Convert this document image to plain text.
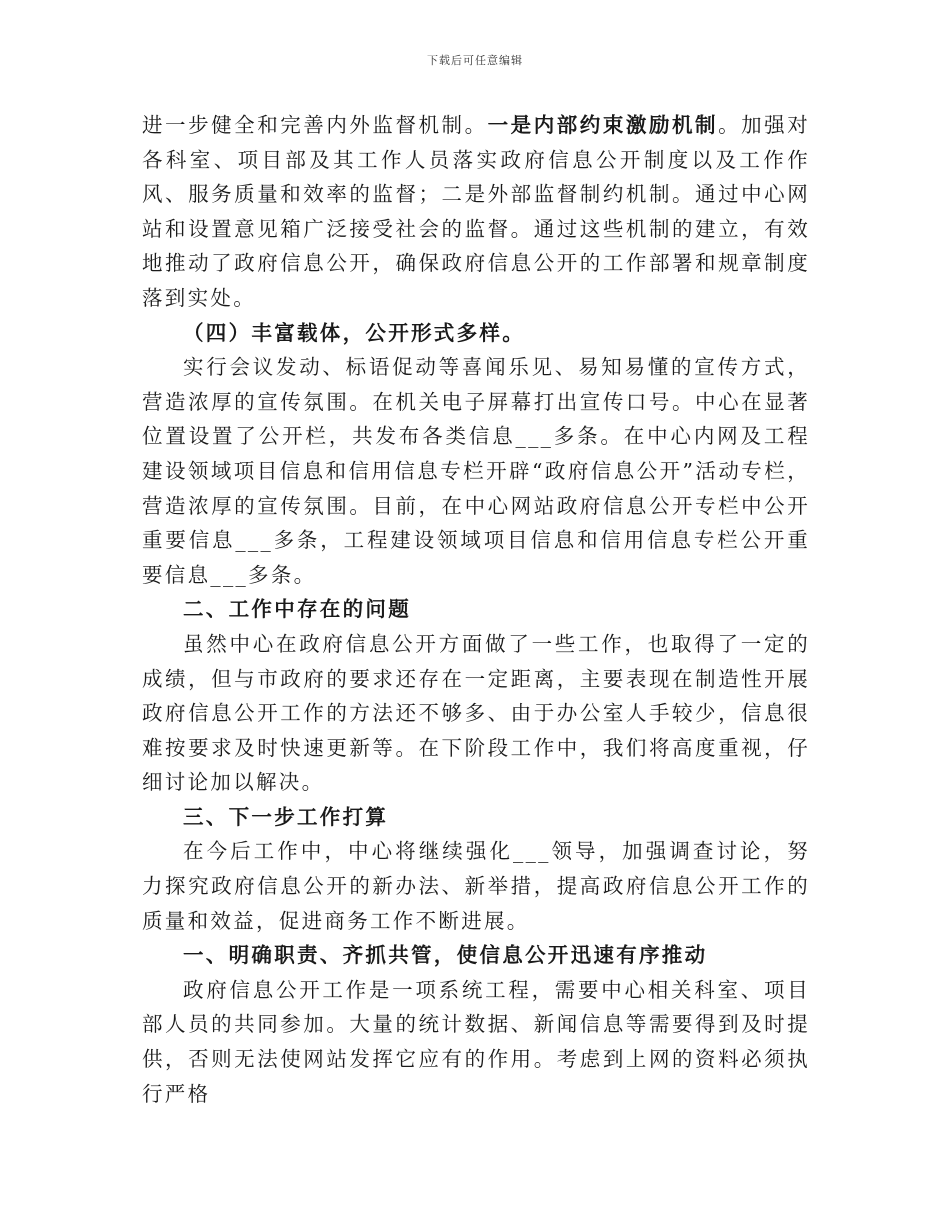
下载后可任意编辑

进一步健全和完善内外监督机制。一是内部约束激励机制。加强对各科室、项目部及其工作人员落实政府信息公开制度以及工作作风、服务质量和效率的监督；二是外部监督制约机制。通过中心网站和设置意见箱广泛接受社会的监督。通过这些机制的建立，有效地推动了政府信息公开，确保政府信息公开的工作部署和规章制度落到实处。

（四）丰富载体，公开形式多样。

实行会议发动、标语促动等喜闻乐见、易知易懂的宣传方式，营造浓厚的宣传氛围。在机关电子屏幕打出宣传口号。中心在显著位置设置了公开栏，共发布各类信息___多条。在中心内网及工程建设领域项目信息和信用信息专栏开辟“政府信息公开”活动专栏，营造浓厚的宣传氛围。目前，在中心网站政府信息公开专栏中公开重要信息___多条，工程建设领域项目信息和信用信息专栏公开重要信息___多条。

二、工作中存在的问题

虽然中心在政府信息公开方面做了一些工作，也取得了一定的成绩，但与市政府的要求还存在一定距离，主要表现在制造性开展政府信息公开工作的方法还不够多、由于办公室人手较少，信息很难按要求及时快速更新等。在下阶段工作中，我们将高度重视，仔细讨论加以解决。

三、下一步工作打算

在今后工作中，中心将继续强化___领导，加强调查讨论，努力探究政府信息公开的新办法、新举措，提高政府信息公开工作的质量和效益，促进商务工作不断进展。

一、明确职责、齐抓共管，使信息公开迅速有序推动

政府信息公开工作是一项系统工程，需要中心相关科室、项目部人员的共同参加。大量的统计数据、新闻信息等需要得到及时提供，否则无法使网站发挥它应有的作用。考虑到上网的资料必须执行严格
